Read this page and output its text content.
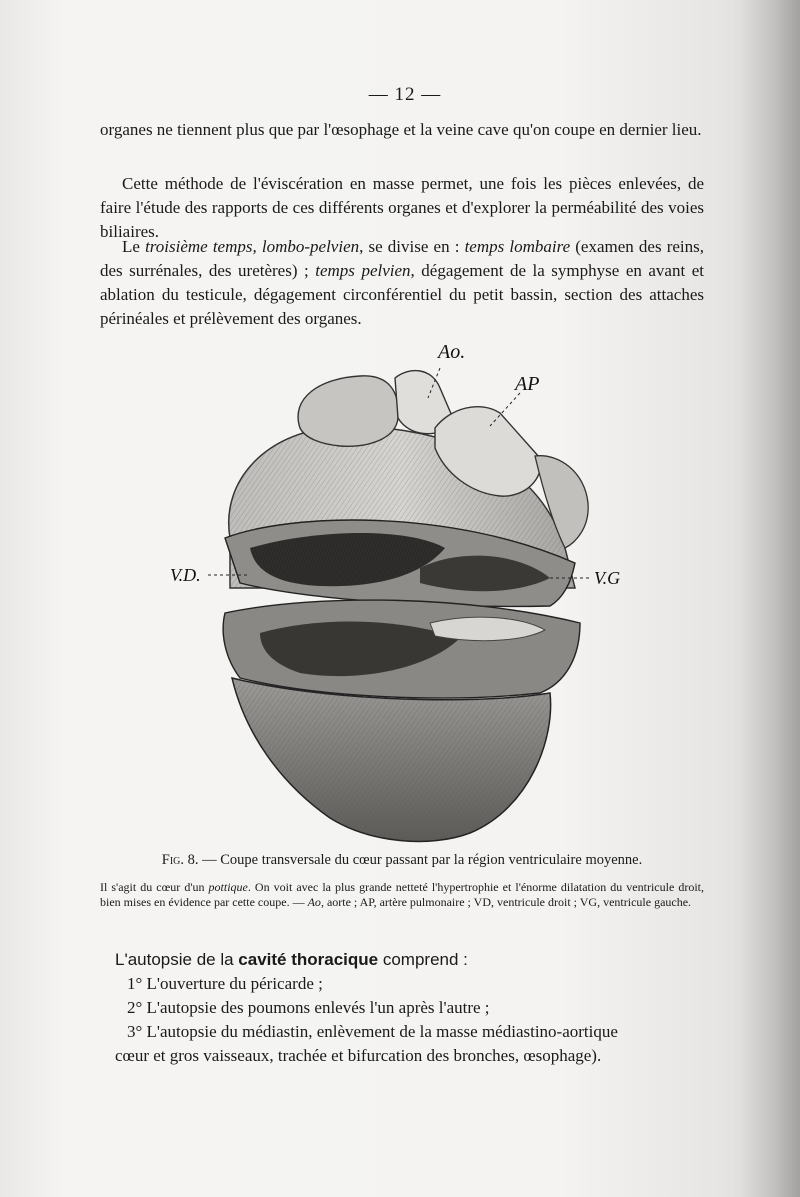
— 12 —

organes ne tiennent plus que par l'œsophage et la veine cave qu'on coupe en dernier lieu.

Cette méthode de l'éviscération en masse permet, une fois les pièces enlevées, de faire l'étude des rapports de ces différents organes et d'explorer la perméabilité des voies biliaires.

Le troisième temps, lombo-pelvien, se divise en : temps lombaire (examen des reins, des surrénales, des uretères) ; temps pelvien, dégagement de la symphyse en avant et ablation du testicule, dégagement circonférentiel du petit bassin, section des attaches périnéales et prélèvement des organes.

Ao.
AP
V.D.	V.G
Fig. 8. — Coupe transversale du cœur passant par la région ventriculaire moyenne.
Il s'agit du cœur d'un pottique. On voit avec la plus grande netteté l'hypertrophie et l'énorme dilatation du ventricule droit, bien mises en évidence par cette coupe. — Ao, aorte ; AP, artère pulmonaire ; VD, ventricule droit ; VG, ventricule gauche.
L'autopsie de la cavité thoracique comprend :

1° L'ouverture du péricarde ;

2° L'autopsie des poumons enlevés l'un après l'autre ;

3° L'autopsie du médiastin, enlèvement de la masse médiastino-aortique

cœur et gros vaisseaux, trachée et bifurcation des bronches, œsophage).
